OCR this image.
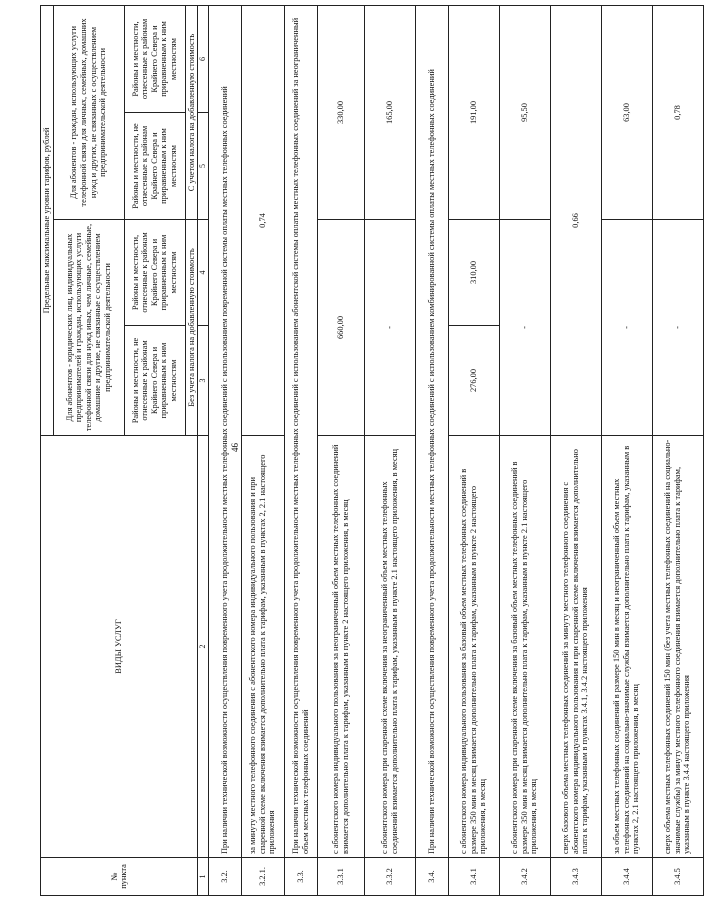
46
№ пункта	ВИДЫ УСЛУГ	Предельные максимальные уровни тарифов, рублей			
		Для абонентов - юридических лиц, индивидуальных предпринимателей и граждан, использующих услуги телефонной связи для нужд иных, чем личные, семейные, домашние и другие, не связанные с осуществлением предпринимательской деятельности		Для абонентов - граждан, использующих услуги телефонной связи для личных, семейных, домашних нужд и других, не связанных с осуществлением предпринимательской деятельности	
		Районы и местности, не отнесенные к районам Крайнего Севера и приравненным к ним местностям	Районы и местности, отнесенные к районам Крайнего Севера и приравненным к ним местностям	Районы и местности, не отнесенные к районам Крайнего Севера и приравненным к ним местностям	Районы и местности, отнесенные к районам Крайнего Севера и приравненным к ним местностям
		Без учета налога на добавленную стоимость		С учетом налога на добавленную стоимость	
1	2	3	4	5	6
3.2.	При наличии технической возможности осуществления повременного учета продолжительности местных телефонных соединений с использованием повременной системы оплаты местных телефонных соединений				
3.2.1.	за минуту местного телефонного соединения с абонентского номера индивидуального пользования и при спаренной схеме включения взимается дополнительно плата к тарифам, указанным в пунктах 2, 2.1 настоящего приложения	0,74			
3.3.	При наличии технической возможности осуществления повременного учета продолжительности местных телефонных соединений с использованием абонентской системы оплаты местных телефонных соединений за неограниченный объем местных телефонных соединений				
3.3.1	с абонентского номера индивидуального пользования за неограниченный объем местных телефонных соединений взимается дополнительно плата к тарифам, указанным в пункте 2 настоящего приложения, в месяц	660,00		330,00	
3.3.2	с абонентского номера при спаренной схеме включения за неограниченный объем местных телефонных соединений взимается дополнительно плата к тарифам, указанным в пункте 2.1 настоящего приложения, в месяц	-		165,00	
3.4.	При наличии технической возможности осуществления повременного учета продолжительности местных телефонных соединений с использованием комбинированной системы оплаты местных телефонных соединений				
3.4.1	с абонентского номера индивидуального пользования за базовый объем местных телефонных соединений в размере 350 мин в месяц взимается дополнительно плата к тарифам, указанным в пункте 2 настоящего приложения, в месяц	276,00	310,00	191,00	
3.4.2	с абонентского номера при спаренной схеме включения за базовый объем местных телефонных соединений в размере 350 мин в месяц взимается дополнительно плата к тарифам, указанным в пункте 2.1 настоящего приложения, в месяц	-		95,50	
3.4.3	сверх базового объема местных телефонных соединений за минуту местного телефонного соединения с абонентского номера индивидуального пользования и при спаренной схеме включения взимается дополнительно плата к тарифам, указанным в пунктах 3.4.1, 3.4.2 настоящего приложения	0,66			
3.4.4	за объем местных телефонных соединений в размере 150 мин в месяц и неограниченный объем местных телефонных соединений на социально-значимые службы взимается дополнительно плата к тарифам, указанным в пунктах 2, 2.1 настоящего приложения, в месяц	-		63,00	
3.4.5	сверх объема местных телефонных соединений 150 мин (без учета местных телефонных соединений на социально-значимые службы) за минуту местного телефонного соединения взимается дополнительно плата к тарифам, указанным в пункте 3.4.4 настоящего приложения	-		0,78	
